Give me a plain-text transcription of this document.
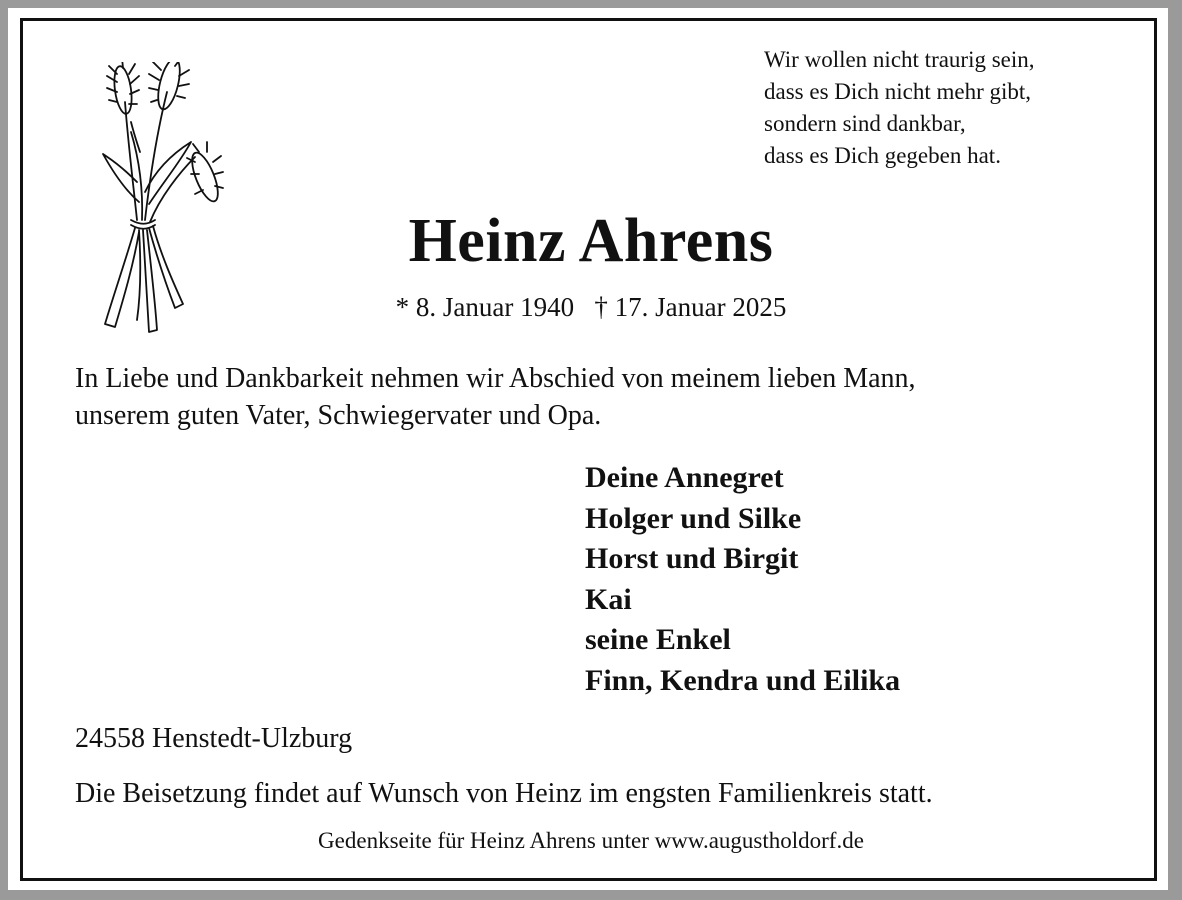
Wir wollen nicht traurig sein,
dass es Dich nicht mehr gibt,
sondern sind dankbar,
dass es Dich gegeben hat.
Heinz Ahrens
* 8. Januar 1940 † 17. Januar 2025
In Liebe und Dankbarkeit nehmen wir Abschied von meinem lieben Mann,
unserem guten Vater, Schwiegervater und Opa.
Deine Annegret
Holger und Silke
Horst und Birgit
Kai
seine Enkel
Finn, Kendra und Eilika
24558 Henstedt-Ulzburg
Die Beisetzung findet auf Wunsch von Heinz im engsten Familienkreis statt.
Gedenkseite für Heinz Ahrens unter www.augustholdorf.de
